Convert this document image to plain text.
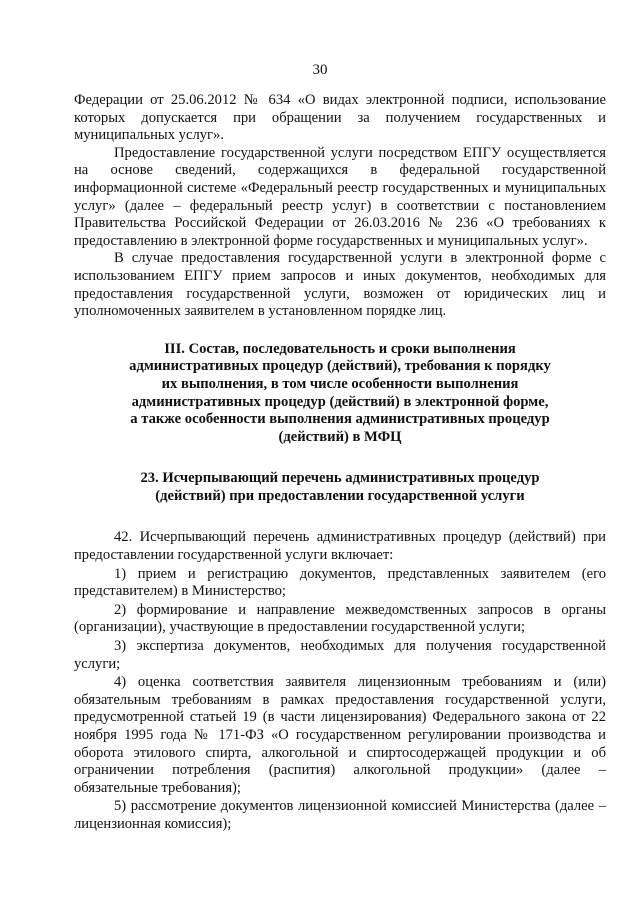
30

Федерации от 25.06.2012 № 634 «О видах электронной подписи, использование которых допускается при обращении за получением государственных и муниципальных услуг».

Предоставление государственной услуги посредством ЕПГУ осуществляется на основе сведений, содержащихся в федеральной государственной информационной системе «Федеральный реестр государственных и муниципальных услуг» (далее – федеральный реестр услуг) в соответствии с постановлением Правительства Российской Федерации от 26.03.2016 № 236 «О требованиях к предоставлению в электронной форме государственных и муниципальных услуг».

В случае предоставления государственной услуги в электронной форме с использованием ЕПГУ прием запросов и иных документов, необходимых для предоставления государственной услуги, возможен от юридических лиц и уполномоченных заявителем в установленном порядке лиц.

III. Состав, последовательность и сроки выполнения
административных процедур (действий), требования к порядку
их выполнения, в том числе особенности выполнения
административных процедур (действий) в электронной форме,
а также особенности выполнения административных процедур
(действий) в МФЦ
23. Исчерпывающий перечень административных процедур
(действий) при предоставлении государственной услуги

42. Исчерпывающий перечень административных процедур (действий) при предоставлении государственной услуги включает:

1) прием и регистрацию документов, представленных заявителем (его представителем) в Министерство;

2) формирование и направление межведомственных запросов в органы (организации), участвующие в предоставлении государственной услуги;

3) экспертиза документов, необходимых для получения государственной услуги;

4) оценка соответствия заявителя лицензионным требованиям и (или) обязательным требованиям в рамках предоставления государственной услуги, предусмотренной статьей 19 (в части лицензирования) Федерального закона от 22 ноября 1995 года № 171-ФЗ «О государственном регулировании производства и оборота этилового спирта, алкогольной и спиртосодержащей продукции и об ограничении потребления (распития) алкогольной продукции» (далее – обязательные требования);

5) рассмотрение документов лицензионной комиссией Министерства (далее – лицензионная комиссия);
